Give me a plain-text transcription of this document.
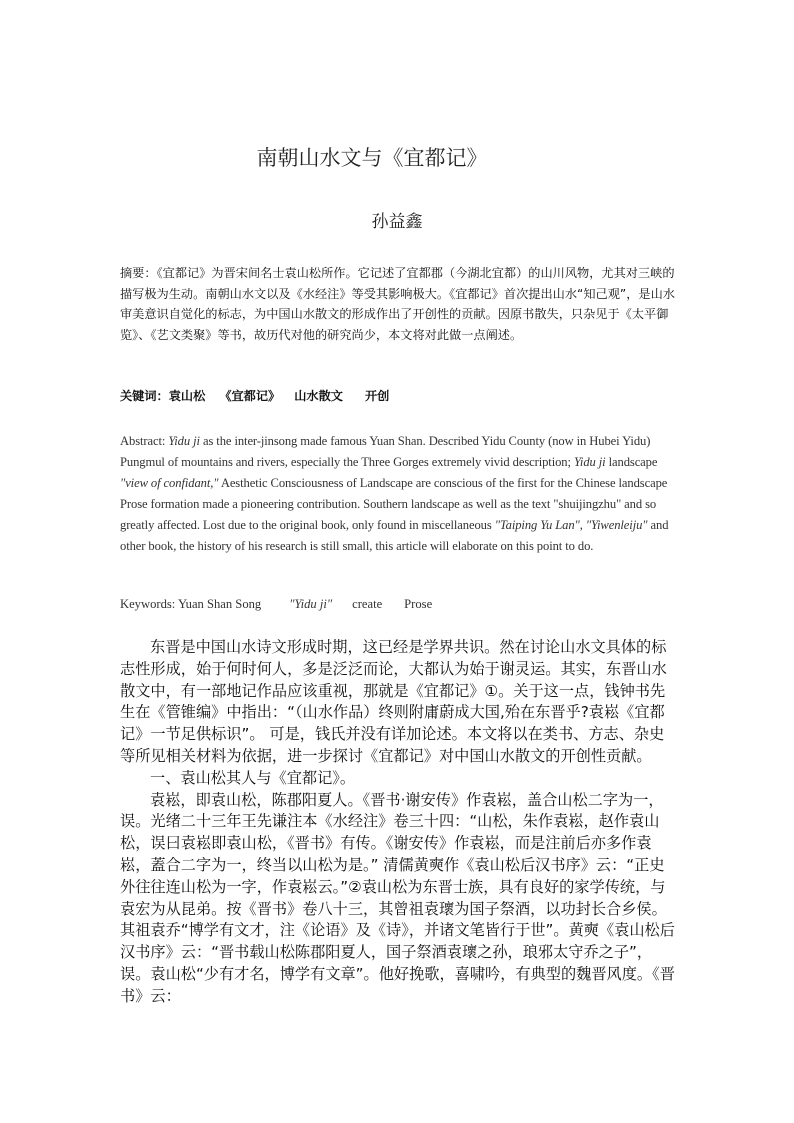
南朝山水文与《宜都记》
孙益鑫
摘要：《宜都记》为晋宋间名士袁山松所作。它记述了宜都郡（今湖北宜都）的山川风物，尤其对三峡的描写极为生动。南朝山水文以及《水经注》等受其影响极大。《宜都记》首次提出山水“知己观”，是山水审美意识自觉化的标志，为中国山水散文的形成作出了开创性的贡献。因原书散失，只杂见于《太平御览》、《艺文类聚》等书，故历代对他的研究尚少，本文将对此做一点阐述。
关键词：袁山松 《宜都记》 山水散文 开创
Abstract: Yidu ji as the inter-jinsong made famous Yuan Shan. Described Yidu County (now in Hubei Yidu) Pungmul of mountains and rivers, especially the Three Gorges extremely vivid description; Yidu ji landscape "view of confidant," Aesthetic Consciousness of Landscape are conscious of the first for the Chinese landscape Prose formation made a pioneering contribution. Southern landscape as well as the text "shuijingzhu" and so greatly affected. Lost due to the original book, only found in miscellaneous "Taiping Yu Lan", "Yiwenleiju" and other book, the history of his research is still small, this article will elaborate on this point to do.
Keywords: Yuan Shan Song "Yidu ji" create Prose

东晋是中国山水诗文形成时期，这已经是学界共识。然在讨论山水文具体的标志性形成，始于何时何人，多是泛泛而论，大都认为始于谢灵运。其实，东晋山水散文中，有一部地记作品应该重视，那就是《宜都记》①。关于这一点，钱钟书先生在《管锥编》中指出：“（山水作品）终则附庸蔚成大国,殆在东晋乎?袁崧《宜都记》一节足供标识”。 可是，钱氏并没有详加论述。本文将以在类书、方志、杂史等所见相关材料为依据，进一步探讨《宜都记》对中国山水散文的开创性贡献。

一、袁山松其人与《宜都记》。

袁崧，即袁山松，陈郡阳夏人。《晋书·谢安传》作袁崧，盖合山松二字为一，误。光绪二十三年王先谦注本《水经注》卷三十四：“山松，朱作袁崧，赵作袁山松，误曰袁崧即袁山松，《晋书》有传。《谢安传》作袁崧，而是注前后亦多作袁崧，蓋合二字为一，终当以山松为是。” 清儒黄奭作《袁山松后汉书序》云：“正史外往往连山松为一字，作袁崧云。”②袁山松为东晋士族，具有良好的家学传统，与袁宏为从昆弟。按《晋书》卷八十三，其曾祖袁瓌为国子祭酒，以功封长合乡侯。其祖袁乔“博学有文才，注《论语》及《诗》，并诸文笔皆行于世”。黄奭《袁山松后汉书序》云：“晋书载山松陈郡阳夏人，国子祭酒袁瓌之孙，琅邪太守乔之子”，误。袁山松“少有才名，博学有文章”。他好挽歌，喜啸吟，有典型的魏晋风度。《晋书》云：
